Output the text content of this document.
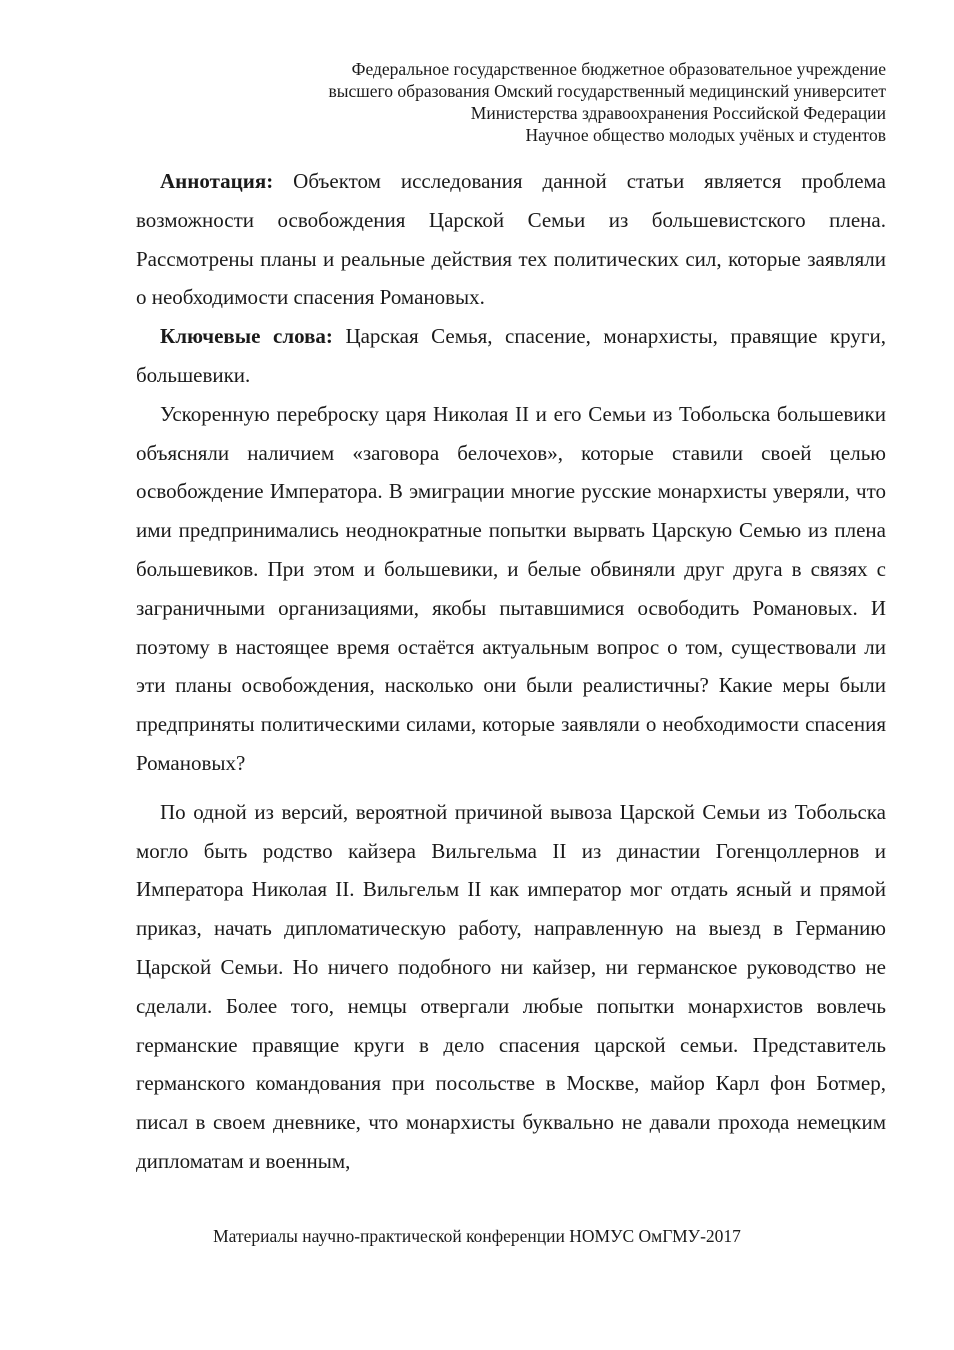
Федеральное государственное бюджетное образовательное учреждение
высшего образования Омский государственный медицинский университет
Министерства здравоохранения Российской Федерации
Научное общество молодых учёных и студентов

Аннотация: Объектом исследования данной статьи является проблема возможности освобождения Царской Семьи из большевистского плена. Рассмотрены планы и реальные действия тех политических сил, которые заявляли о необходимости спасения Романовых.

Ключевые слова: Царская Семья, спасение, монархисты, правящие круги, большевики.

Ускоренную переброску царя Николая II и его Семьи из Тобольска большевики объясняли наличием «заговора белочехов», которые ставили своей целью освобождение Императора. В эмиграции многие русские монархисты уверяли, что ими предпринимались неоднократные попытки вырвать Царскую Семью из плена большевиков. При этом и большевики, и белые обвиняли друг друга в связях с заграничными организациями, якобы пытавшимися освободить Романовых. И поэтому в настоящее время остаётся актуальным вопрос о том, существовали ли эти планы освобождения, насколько они были реалистичны? Какие меры были предприняты политическими силами, которые заявляли о необходимости спасения Романовых?

По одной из версий, вероятной причиной вывоза Царской Семьи из Тобольска могло быть родство кайзера Вильгельма II из династии Гогенцоллернов и Императора Николая II. Вильгельм II как император мог отдать ясный и прямой приказ, начать дипломатическую работу, направленную на выезд в Германию Царской Семьи. Но ничего подобного ни кайзер, ни германское руководство не сделали. Более того, немцы отвергали любые попытки монархистов вовлечь германские правящие круги в дело спасения царской семьи. Представитель германского командования при посольстве в Москве, майор Карл фон Ботмер, писал в своем дневнике, что монархисты буквально не давали прохода немецким дипломатам и военным,

Материалы научно-практической конференции НОМУС ОмГМУ-2017
